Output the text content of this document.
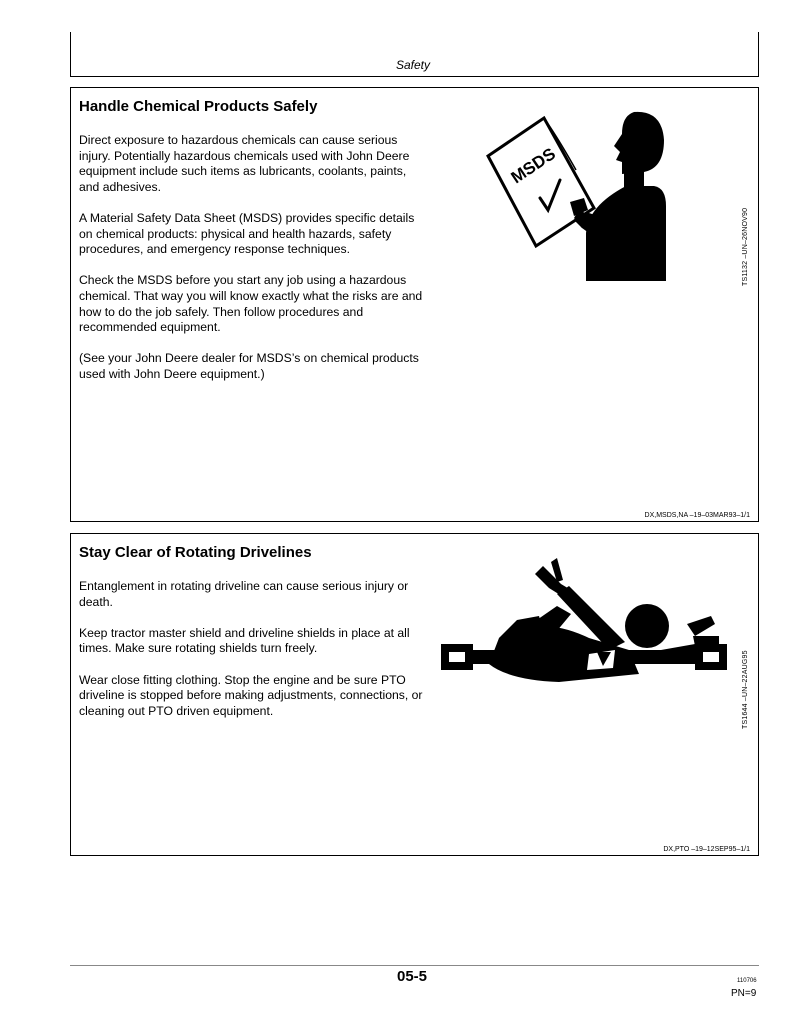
Safety
Handle Chemical Products Safely

Direct exposure to hazardous chemicals can cause serious injury. Potentially hazardous chemicals used with John Deere equipment include such items as lubricants, coolants, paints, and adhesives.

A Material Safety Data Sheet (MSDS) provides specific details on chemical products: physical and health hazards, safety procedures, and emergency response techniques.

Check the MSDS before you start any job using a hazardous chemical. That way you will know exactly what the risks are and how to do the job safely. Then follow procedures and recommended equipment.

(See your John Deere dealer for MSDS’s on chemical products used with John Deere equipment.)

MSDS
TS1132 –UN–26NOV90
DX,MSDS,NA –19–03MAR93–1/1
Stay Clear of Rotating Drivelines

Entanglement in rotating driveline can cause serious injury or death.

Keep tractor master shield and driveline shields in place at all times. Make sure rotating shields turn freely.

Wear close fitting clothing. Stop the engine and be sure PTO driveline is stopped before making adjustments, connections, or cleaning out PTO driven equipment.	TS1644 –UN–22AUG95
DX,PTO –19–12SEP95–1/1
05-5	110706
PN=9
